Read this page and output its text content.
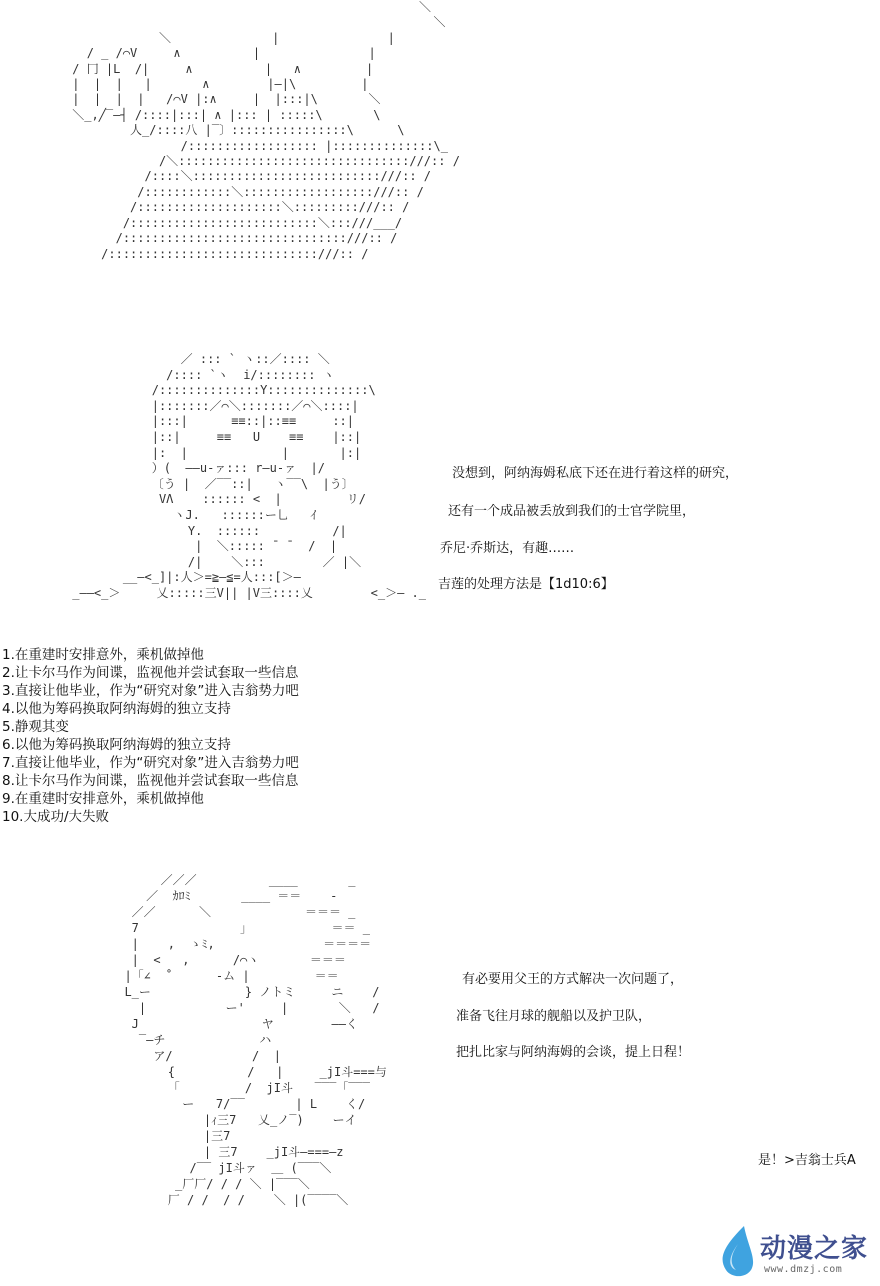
＼
＼
＼              |               |
/ _ /⌒V     ∧          |               |
/ 冂 |L  /|     ∧          |   ∧         |
|  |  |   |       ∧        |—|\         |
|  |  |  |   /⌒V |:∧     |  |:::|\       ＼
＼_,╱‾—┤ /::::|:::| ∧ |::: | :::::\       \
人_/::::八 |‾〕::::::::::::::::\      \
/:::::::::::::::::: |::::::::::::::\_
/＼::::::::::::::::::::::::::::::::///:: /
/::::＼::::::::::::::::::::::::::///:: /
/::::::::::::＼::::::::::::::::::///:: /
/::::::::::::::::::::＼:::::::::///:: /
/::::::::::::::::::::::::::＼:::///___/
/:::::::::::::::::::::::::::::::///:: /
/:::::::::::::::::::::::::::::///:: /
／ ::: ` ヽ::／:::: ＼
/:::: `ヽ  i/:::::::: ヽ
/::::::::::::::Y::::::::::::::\
|:::::::／⌒＼:::::::／⌒＼::::|
|:::|      ≡≡::|::≡≡     ::|
|::|     ≡≡   U    ≡≡    |::|
|:  |             |       |:|
）(  ——u-ァ::: r—u-ァ  |/
〔う |  ／‾‾::|   ヽ‾‾\  |う〕
VΛ    :::::: <  |         リ/
ヽJ.   ::::::ー乚   ｲ
Y.  ::::::          /|
|  ＼::::: ¯ ¯  /  |
/|    ＼:::        ／ |＼
__—<_]|:人＞=≧—≦=人:::[＞—
_——<_＞     乂:::::三V|| |V三::::乂        <_＞— ._
／／／          ____       _
／  ｶﾛﾐ       ____ ＝＝    -
／／      ＼             ＝＝＝ _
7              」           ＝＝ _
|    ,  ゝﾐ,               ＝＝＝＝
|  <   ,      /⌒ヽ       ＝＝＝
|「∠  ˚      -ム |         ＝＝
L_ー             } ノトミ     ニ    /
|           ー'     |       ＼   /
J                 ヤ        ——く
‾—チ             ハ
ア/           /  |
{          /   |     _jI斗===与
「         /  jI斗   ‾‾‾「‾‾‾
ー   7/‾‾       | L    く/
|ｨ三7   乂_ノ‾)    ーイ
|三7
| 三7    _jI斗—===—z
/‾‾ jI斗ァ  ＿ (‾‾‾＼
_厂厂/ / / ＼ |‾‾‾＼
厂 / /  / /    ＼ |(‾‾‾‾＼
没想到，阿纳海姆私底下还在进行着这样的研究，
还有一个成品被丢放到我们的士官学院里，
乔尼·乔斯达，有趣……
吉莲的处理方法是【1d10:6】
1.在重建时安排意外，乘机做掉他
2.让卡尔马作为间谍，监视他并尝试套取一些信息
3.直接让他毕业，作为“研究对象”进入吉翁势力吧
4.以他为筹码换取阿纳海姆的独立支持
5.静观其变
6.以他为筹码换取阿纳海姆的独立支持
7.直接让他毕业，作为“研究对象”进入吉翁势力吧
8.让卡尔马作为间谍，监视他并尝试套取一些信息
9.在重建时安排意外，乘机做掉他
10.大成功/大失败
有必要用父王的方式解决一次问题了，
准备飞往月球的舰船以及护卫队，
把扎比家与阿纳海姆的会谈，提上日程！
是！>吉翁士兵A
动漫之家
www.dmzj.com
